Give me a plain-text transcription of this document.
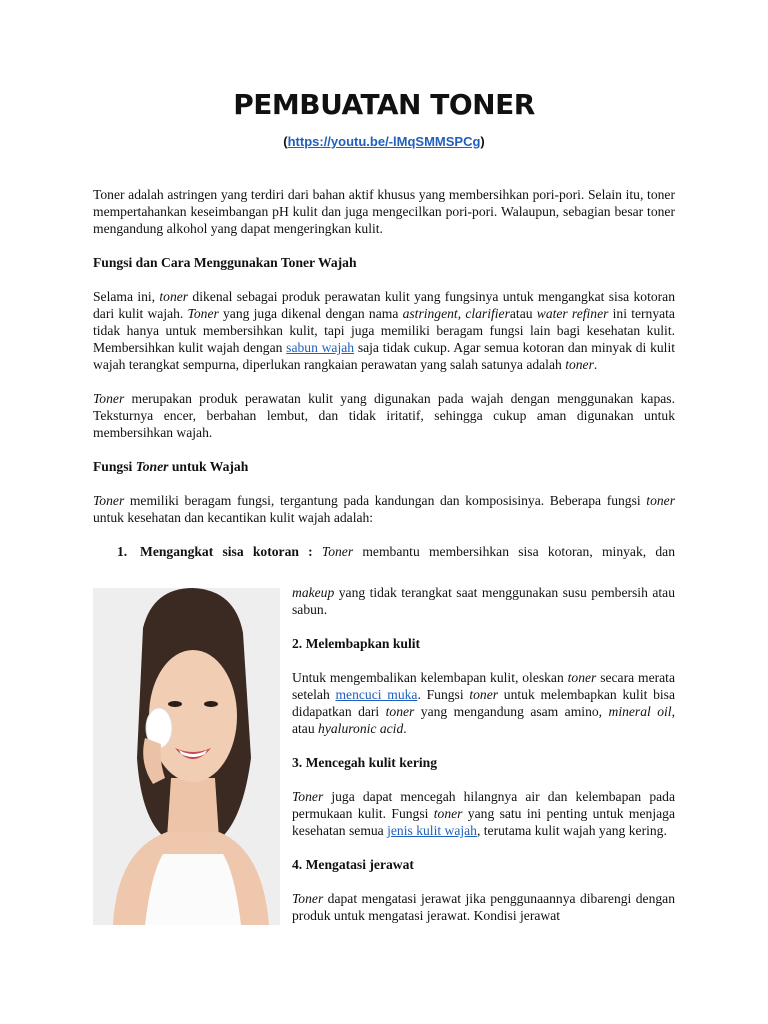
PEMBUATAN TONER
(https://youtu.be/-lMqSMMSPCg)

Toner adalah astringen yang terdiri dari bahan aktif khusus yang membersihkan pori-pori. Selain itu, toner mempertahankan keseimbangan pH kulit dan juga mengecilkan pori-pori. Walaupun, sebagian besar toner mengandung alkohol yang dapat mengeringkan kulit.

Fungsi dan Cara Menggunakan Toner Wajah

Selama ini, toner dikenal sebagai produk perawatan kulit yang fungsinya untuk mengangkat sisa kotoran dari kulit wajah. Toner yang juga dikenal dengan nama astringent, clarifieratau water refiner ini ternyata tidak hanya untuk membersihkan kulit, tapi juga memiliki beragam fungsi lain bagi kesehatan kulit. Membersihkan kulit wajah dengan sabun wajah saja tidak cukup. Agar semua kotoran dan minyak di kulit wajah terangkat sempurna, diperlukan rangkaian perawatan yang salah satunya adalah toner.

Toner merupakan produk perawatan kulit yang digunakan pada wajah dengan menggunakan kapas. Teksturnya encer, berbahan lembut, dan tidak iritatif, sehingga cukup aman digunakan untuk membersihkan wajah.

Fungsi Toner untuk Wajah

Toner memiliki beragam fungsi, tergantung pada kandungan dan komposisinya. Beberapa fungsi toner untuk kesehatan dan kecantikan kulit wajah adalah:

1. Mengangkat sisa kotoran : Toner membantu membersihkan sisa kotoran, minyak, dan

makeup yang tidak terangkat saat menggunakan susu pembersih atau sabun.

2. Melembapkan kulit

Untuk mengembalikan kelembapan kulit, oleskan toner secara merata setelah mencuci muka. Fungsi toner untuk melembapkan kulit bisa didapatkan dari toner yang mengandung asam amino, mineral oil, atau hyaluronic acid.

3. Mencegah kulit kering

Toner juga dapat mencegah hilangnya air dan kelembapan pada permukaan kulit. Fungsi toner yang satu ini penting untuk menjaga kesehatan semua jenis kulit wajah, terutama kulit wajah yang kering.

4. Mengatasi jerawat

Toner dapat mengatasi jerawat jika penggunaannya dibarengi dengan produk untuk mengatasi jerawat. Kondisi jerawat
